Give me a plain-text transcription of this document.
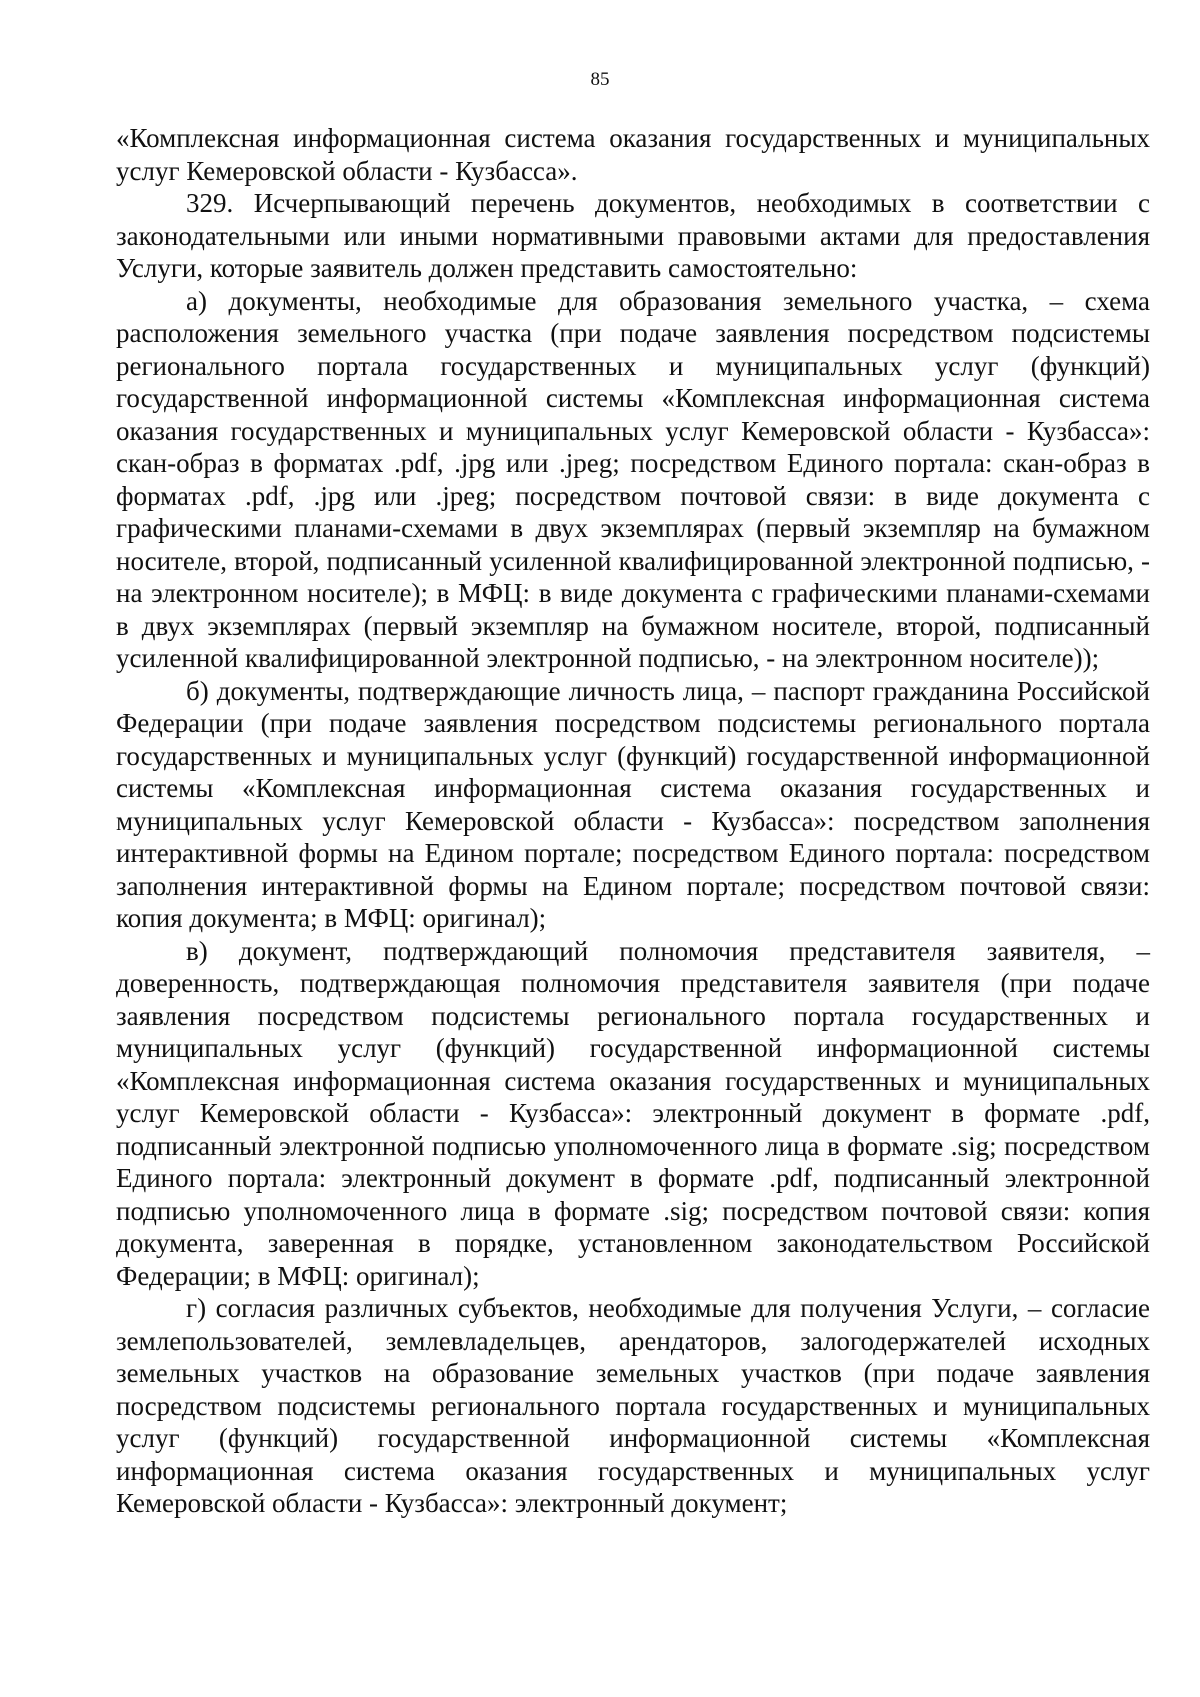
85

«Комплексная информационная система оказания государственных и муниципальных услуг Кемеровской области - Кузбасса».

329. Исчерпывающий перечень документов, необходимых в соответствии с законодательными или иными нормативными правовыми актами для предоставления Услуги, которые заявитель должен представить самостоятельно:

а) документы, необходимые для образования земельного участка, – схема расположения земельного участка (при подаче заявления посредством подсистемы регионального портала государственных и муниципальных услуг (функций) государственной информационной системы «Комплексная информационная система оказания государственных и муниципальных услуг Кемеровской области - Кузбасса»: скан-образ в форматах .pdf, .jpg или .jpeg; посредством Единого портала: скан-образ в форматах .pdf, .jpg или .jpeg; посредством почтовой связи: в виде документа с графическими планами-схемами в двух экземплярах (первый экземпляр на бумажном носителе, второй, подписанный усиленной квалифицированной электронной подписью, - на электронном носителе); в МФЦ: в виде документа с графическими планами-схемами в двух экземплярах (первый экземпляр на бумажном носителе, второй, подписанный усиленной квалифицированной электронной подписью, - на электронном носителе));

б) документы, подтверждающие личность лица, – паспорт гражданина Российской Федерации (при подаче заявления посредством подсистемы регионального портала государственных и муниципальных услуг (функций) государственной информационной системы «Комплексная информационная система оказания государственных и муниципальных услуг Кемеровской области - Кузбасса»: посредством заполнения интерактивной формы на Едином портале; посредством Единого портала: посредством заполнения интерактивной формы на Едином портале; посредством почтовой связи: копия документа; в МФЦ: оригинал);

в) документ, подтверждающий полномочия представителя заявителя, – доверенность, подтверждающая полномочия представителя заявителя (при подаче заявления посредством подсистемы регионального портала государственных и муниципальных услуг (функций) государственной информационной системы «Комплексная информационная система оказания государственных и муниципальных услуг Кемеровской области - Кузбасса»: электронный документ в формате .pdf, подписанный электронной подписью уполномоченного лица в формате .sig; посредством Единого портала: электронный документ в формате .pdf, подписанный электронной подписью уполномоченного лица в формате .sig; посредством почтовой связи: копия документа, заверенная в порядке, установленном законодательством Российской Федерации; в МФЦ: оригинал);

г) согласия различных субъектов, необходимые для получения Услуги, – согласие землепользователей, землевладельцев, арендаторов, залогодержателей исходных земельных участков на образование земельных участков (при подаче заявления посредством подсистемы регионального портала государственных и муниципальных услуг (функций) государственной информационной системы «Комплексная информационная система оказания государственных и муниципальных услуг Кемеровской области - Кузбасса»: электронный документ;
